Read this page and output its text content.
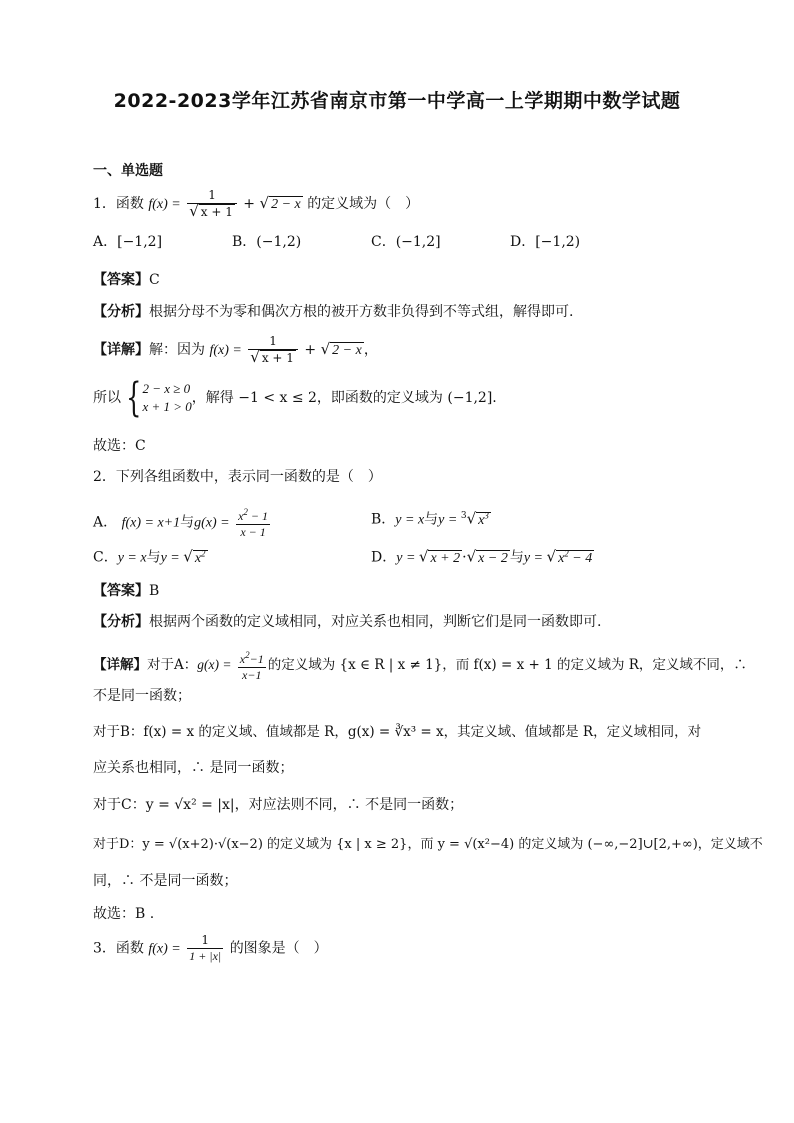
2022-2023学年江苏省南京市第一中学高一上学期期中数学试题
一、单选题
1．函数 $f(x) = \frac{1}{√ x + 1}$ + √ 2 − x 的定义域为（　）
A．[−1,2]	B．(−1,2)	C．(−1,2]	D．[−1,2)
【答案】C
【分析】根据分母不为零和偶次方根的被开方数非负得到不等式组，解得即可.
【详解】解：因为 $f(x) = \frac{1}{√ x + 1}$ + √ 2 − x ，
所以 { 2 − x ≥ 0
x + 1 > 0
，解得 −1 < x ≤ 2，即函数的定义域为 (−1,2].
故选：C
2．下列各组函数中，表示同一函数的是（　）
A． f(x) = x+1与$g(x) = \frac{x^2 - 1}{x - 1}$	B．y = x与y = $^3$√ $x^3$
C．y = x与y = √ $x^2$	D．y = √ x + 2 ·√ x − 2 与y = √ $x^2 - 4$
【答案】B
【分析】根据两个函数的定义域相同，对应关系也相同，判断它们是同一函数即可.
【详解】对于A：$g(x) = \frac{x^2-1}{x-1}$ 的定义域为 {x ∈ R | x ≠ 1}，而 f(x) = x + 1 的定义域为 R，定义域不同，∴
不是同一函数；
对于B：f(x) = x 的定义域、值域都是 R，g(x) = ∛x³ = x，其定义域、值域都是 R，定义域相同，对
应关系也相同，∴ 是同一函数；
对于C：y = √x² = |x|，对应法则不同，∴ 不是同一函数；
对于D：y = √(x+2)·√(x−2) 的定义域为 {x | x ≥ 2}，而 y = √(x²−4) 的定义域为 (−∞,−2]∪[2,+∞)，定义域不
同，∴ 不是同一函数；
故选：B .
3．函数 $f(x) = \frac{1}{1 + |x|}$ 的图象是（　）
